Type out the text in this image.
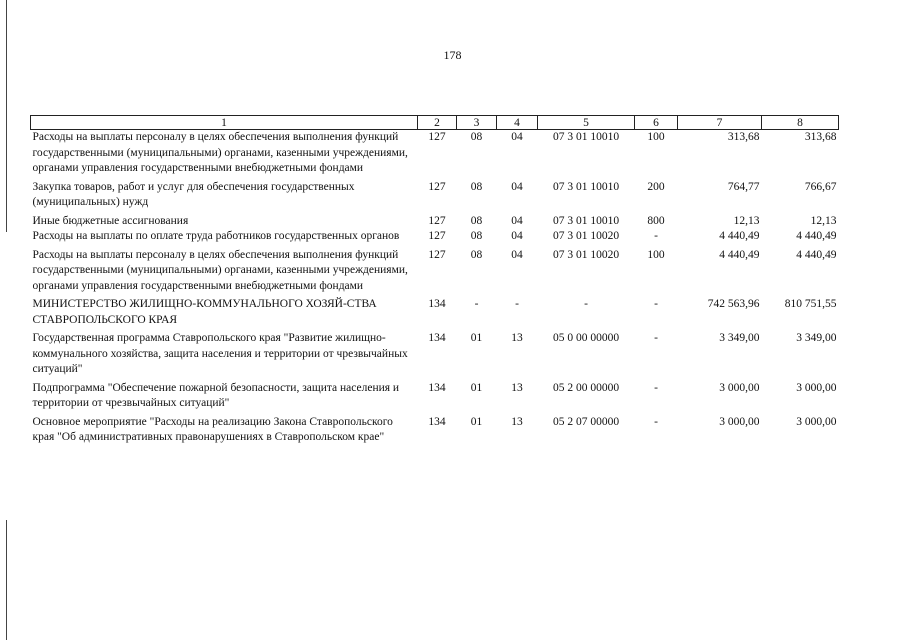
178
1	2	3	4	5	6	7	8
Расходы на выплаты персоналу в целях обеспечения выполнения функций государственными (муниципальными) органами, казенными учреждениями, органами управления государственными внебюджетными фондами	127	08	04	07 3 01 10010	100	313,68	313,68
Закупка товаров, работ и услуг для обеспечения государственных (муниципальных) нужд	127	08	04	07 3 01 10010	200	764,77	766,67
Иные бюджетные ассигнования	127	08	04	07 3 01 10010	800	12,13	12,13
Расходы на выплаты по оплате труда работников государственных органов	127	08	04	07 3 01 10020	-	4 440,49	4 440,49
Расходы на выплаты персоналу в целях обеспечения выполнения функций государственными (муниципальными) органами, казенными учреждениями, органами управления государственными внебюджетными фондами	127	08	04	07 3 01 10020	100	4 440,49	4 440,49
МИНИСТЕРСТВО ЖИЛИЩНО-КОММУНАЛЬНОГО ХОЗЯЙ-СТВА СТАВРОПОЛЬСКОГО КРАЯ	134	-	-	-	-	742 563,96	810 751,55
Государственная программа Ставропольского края "Развитие жилищно-коммунального хозяйства, защита населения и территории от чрезвычайных ситуаций"	134	01	13	05 0 00 00000	-	3 349,00	3 349,00
Подпрограмма "Обеспечение пожарной безопасности, защита населения и территории от чрезвычайных ситуаций"	134	01	13	05 2 00 00000	-	3 000,00	3 000,00
Основное мероприятие "Расходы на реализацию Закона Ставропольского края "Об административных правонарушениях в Ставропольском крае"	134	01	13	05 2 07 00000	-	3 000,00	3 000,00
